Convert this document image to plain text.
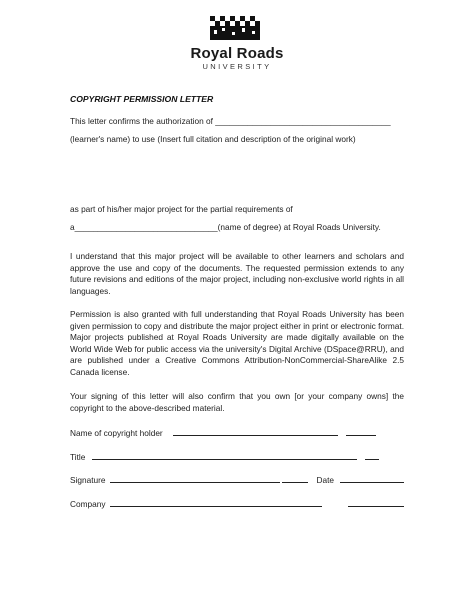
Royal Roads
UNIVERSITY
COPYRIGHT PERMISSION LETTER
This letter confirms the authorization of ______________________________________
(learner's name) to use (Insert full citation and description of the original work)
as part of his/her major project for the partial requirements of
a_______________________________(name of degree) at Royal Roads University.

I understand that this major project will be available to other learners and scholars and approve the use and copy of the documents. The requested permission extends to any future revisions and editions of the major project, including non-exclusive world rights in all languages.

Permission is also granted with full understanding that Royal Roads University has been given permission to copy and distribute the major project either in print or electronic format. Major projects published at Royal Roads University are made digitally available on the World Wide Web for public access via the university's Digital Archive (DSpace@RRU), and are published under a Creative Commons Attribution-NonCommercial-ShareAlike 2.5 Canada license.

Your signing of this letter will also confirm that you own [or your company owns] the copyright to the above-described material.

Name of copyright holder
Title
Signature	Date
Company
